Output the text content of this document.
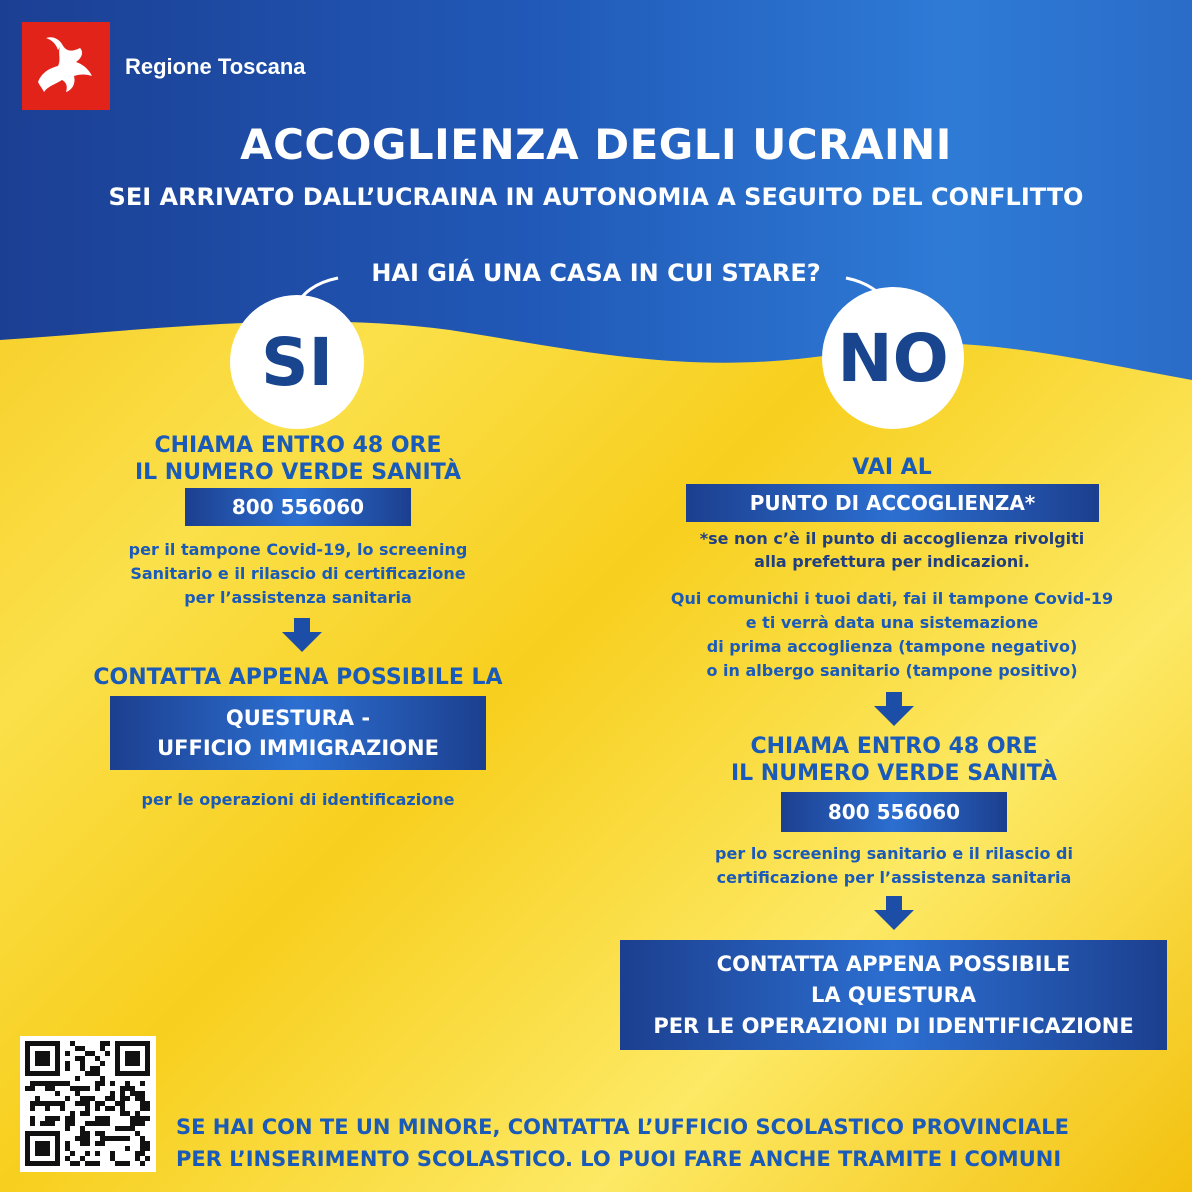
Regione Toscana
ACCOGLIENZA DEGLI UCRAINI
SEI ARRIVATO DALL’UCRAINA IN AUTONOMIA A SEGUITO DEL CONFLITTO
HAI GIÁ UNA CASA IN CUI STARE?
SI	NO
CHIAMA ENTRO 48 ORE
IL NUMERO VERDE SANITÀ
800 556060
per il tampone Covid-19, lo screening
Sanitario e il rilascio di certificazione
per l’assistenza sanitaria
CONTATTA APPENA POSSIBILE LA
QUESTURA -
UFFICIO IMMIGRAZIONE
per le operazioni di identificazione
VAI AL
PUNTO DI ACCOGLIENZA*
*se non c’è il punto di accoglienza rivolgiti
alla prefettura per indicazioni.
Qui comunichi i tuoi dati, fai il tampone Covid-19
e ti verrà data una sistemazione
di prima accoglienza (tampone negativo)
o in albergo sanitario (tampone positivo)
CHIAMA ENTRO 48 ORE
IL NUMERO VERDE SANITÀ
800 556060
per lo screening sanitario e il rilascio di
certificazione per l’assistenza sanitaria
CONTATTA APPENA POSSIBILE
LA QUESTURA
PER LE OPERAZIONI DI IDENTIFICAZIONE
SE HAI CON TE UN MINORE, CONTATTA L’UFFICIO SCOLASTICO PROVINCIALE
PER L’INSERIMENTO SCOLASTICO. LO PUOI FARE ANCHE TRAMITE I COMUNI
